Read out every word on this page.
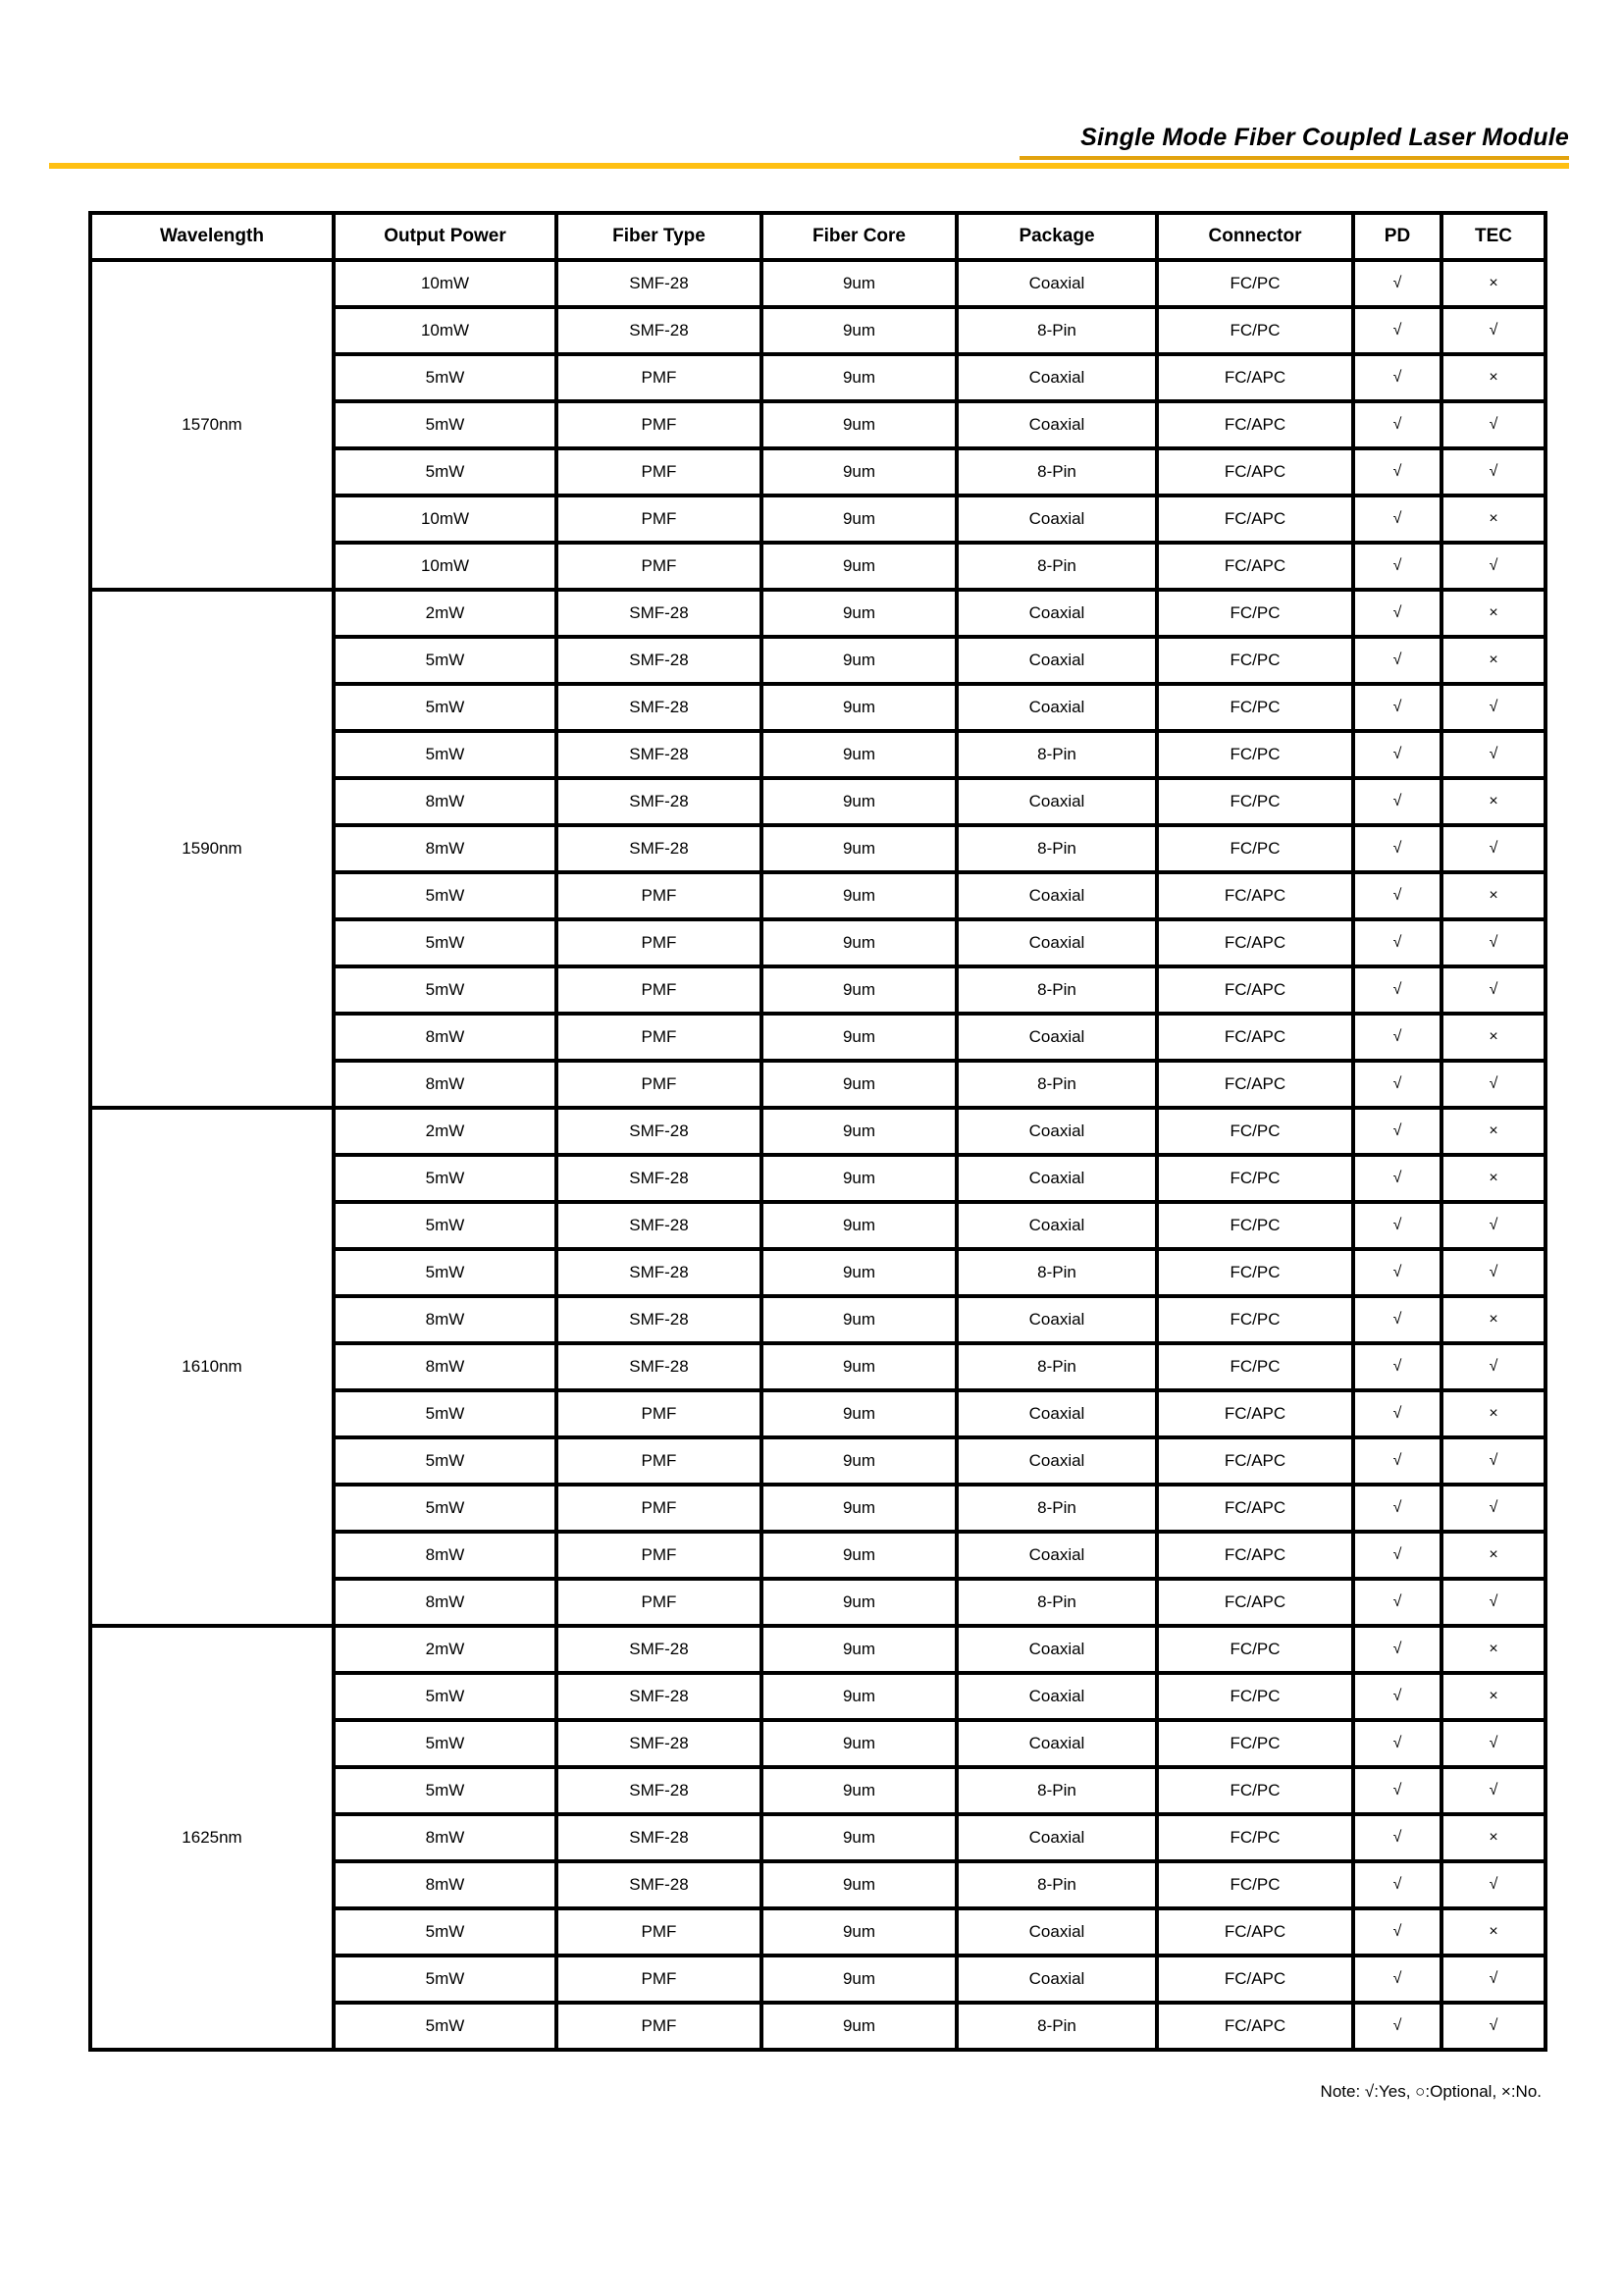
Single Mode Fiber Coupled Laser Module
Wavelength	Output Power	Fiber Type	Fiber Core	Package	Connector	PD	TEC
1570nm	10mW	SMF-28	9um	Coaxial	FC/PC	√	×
	10mW	SMF-28	9um	8-Pin	FC/PC	√	√
	5mW	PMF	9um	Coaxial	FC/APC	√	×
	5mW	PMF	9um	Coaxial	FC/APC	√	√
	5mW	PMF	9um	8-Pin	FC/APC	√	√
	10mW	PMF	9um	Coaxial	FC/APC	√	×
	10mW	PMF	9um	8-Pin	FC/APC	√	√
1590nm	2mW	SMF-28	9um	Coaxial	FC/PC	√	×
	5mW	SMF-28	9um	Coaxial	FC/PC	√	×
	5mW	SMF-28	9um	Coaxial	FC/PC	√	√
	5mW	SMF-28	9um	8-Pin	FC/PC	√	√
	8mW	SMF-28	9um	Coaxial	FC/PC	√	×
	8mW	SMF-28	9um	8-Pin	FC/PC	√	√
	5mW	PMF	9um	Coaxial	FC/APC	√	×
	5mW	PMF	9um	Coaxial	FC/APC	√	√
	5mW	PMF	9um	8-Pin	FC/APC	√	√
	8mW	PMF	9um	Coaxial	FC/APC	√	×
	8mW	PMF	9um	8-Pin	FC/APC	√	√
1610nm	2mW	SMF-28	9um	Coaxial	FC/PC	√	×
	5mW	SMF-28	9um	Coaxial	FC/PC	√	×
	5mW	SMF-28	9um	Coaxial	FC/PC	√	√
	5mW	SMF-28	9um	8-Pin	FC/PC	√	√
	8mW	SMF-28	9um	Coaxial	FC/PC	√	×
	8mW	SMF-28	9um	8-Pin	FC/PC	√	√
	5mW	PMF	9um	Coaxial	FC/APC	√	×
	5mW	PMF	9um	Coaxial	FC/APC	√	√
	5mW	PMF	9um	8-Pin	FC/APC	√	√
	8mW	PMF	9um	Coaxial	FC/APC	√	×
	8mW	PMF	9um	8-Pin	FC/APC	√	√
1625nm	2mW	SMF-28	9um	Coaxial	FC/PC	√	×
	5mW	SMF-28	9um	Coaxial	FC/PC	√	×
	5mW	SMF-28	9um	Coaxial	FC/PC	√	√
	5mW	SMF-28	9um	8-Pin	FC/PC	√	√
	8mW	SMF-28	9um	Coaxial	FC/PC	√	×
	8mW	SMF-28	9um	8-Pin	FC/PC	√	√
	5mW	PMF	9um	Coaxial	FC/APC	√	×
	5mW	PMF	9um	Coaxial	FC/APC	√	√
	5mW	PMF	9um	8-Pin	FC/APC	√	√
Note: √:Yes, ○:Optional, ×:No.
